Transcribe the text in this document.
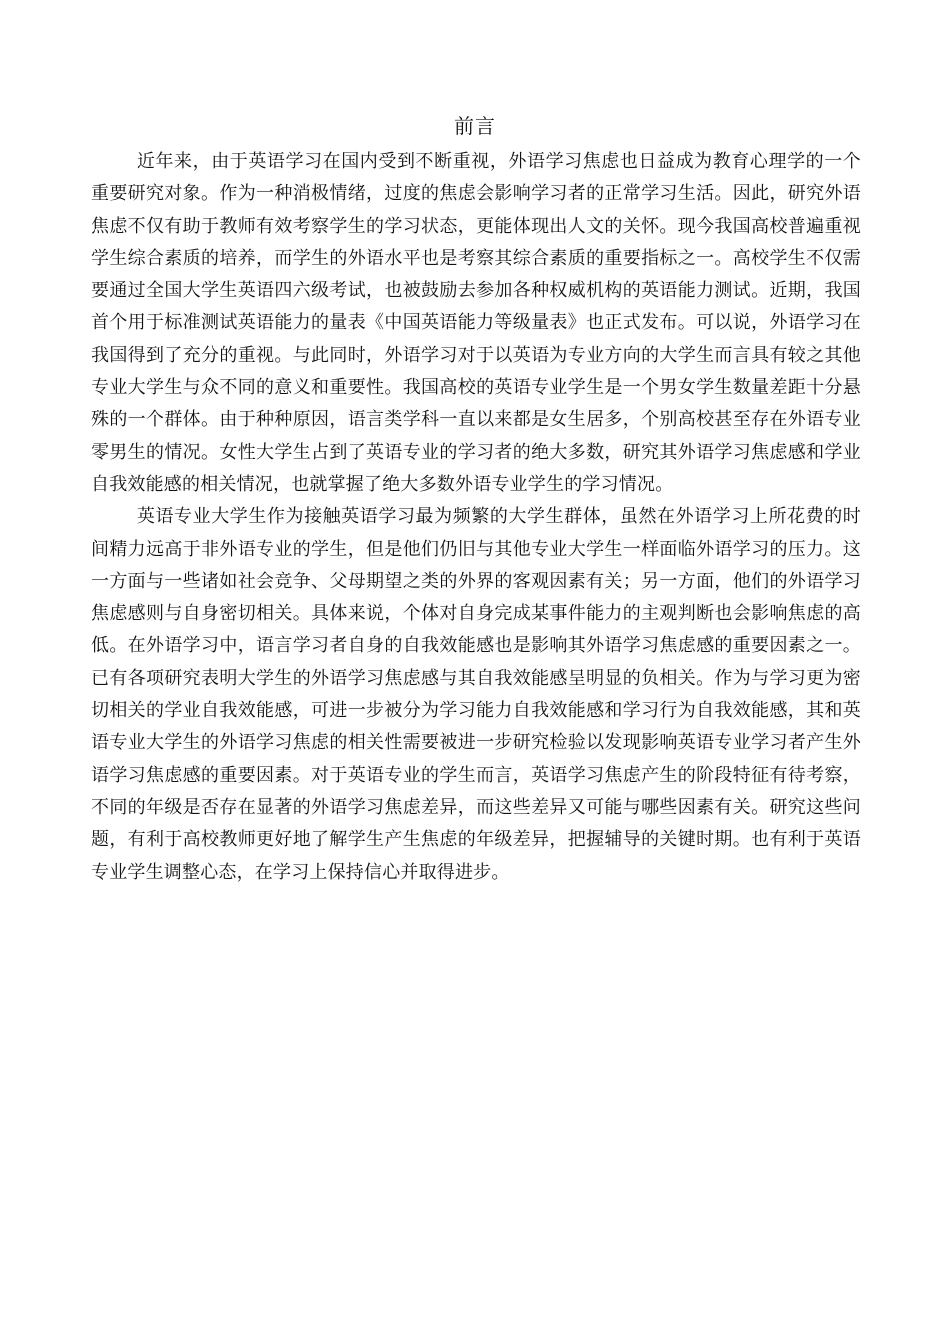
前言

近年来，由于英语学习在国内受到不断重视，外语学习焦虑也日益成为教育心理学的一个重要研究对象。作为一种消极情绪，过度的焦虑会影响学习者的正常学习生活。因此，研究外语焦虑不仅有助于教师有效考察学生的学习状态，更能体现出人文的关怀。现今我国高校普遍重视学生综合素质的培养，而学生的外语水平也是考察其综合素质的重要指标之一。高校学生不仅需要通过全国大学生英语四六级考试，也被鼓励去参加各种权威机构的英语能力测试。近期，我国首个用于标准测试英语能力的量表《中国英语能力等级量表》也正式发布。可以说，外语学习在我国得到了充分的重视。与此同时，外语学习对于以英语为专业方向的大学生而言具有较之其他专业大学生与众不同的意义和重要性。我国高校的英语专业学生是一个男女学生数量差距十分悬殊的一个群体。由于种种原因，语言类学科一直以来都是女生居多，个别高校甚至存在外语专业零男生的情况。女性大学生占到了英语专业的学习者的绝大多数，研究其外语学习焦虑感和学业自我效能感的相关情况，也就掌握了绝大多数外语专业学生的学习情况。

英语专业大学生作为接触英语学习最为频繁的大学生群体，虽然在外语学习上所花费的时间精力远高于非外语专业的学生，但是他们仍旧与其他专业大学生一样面临外语学习的压力。这一方面与一些诸如社会竞争、父母期望之类的外界的客观因素有关；另一方面，他们的外语学习焦虑感则与自身密切相关。具体来说，个体对自身完成某事件能力的主观判断也会影响焦虑的高低。在外语学习中，语言学习者自身的自我效能感也是影响其外语学习焦虑感的重要因素之一。已有各项研究表明大学生的外语学习焦虑感与其自我效能感呈明显的负相关。作为与学习更为密切相关的学业自我效能感，可进一步被分为学习能力自我效能感和学习行为自我效能感，其和英语专业大学生的外语学习焦虑的相关性需要被进一步研究检验以发现影响英语专业学习者产生外语学习焦虑感的重要因素。对于英语专业的学生而言，英语学习焦虑产生的阶段特征有待考察，不同的年级是否存在显著的外语学习焦虑差异，而这些差异又可能与哪些因素有关。研究这些问题，有利于高校教师更好地了解学生产生焦虑的年级差异，把握辅导的关键时期。也有利于英语专业学生调整心态，在学习上保持信心并取得进步。
